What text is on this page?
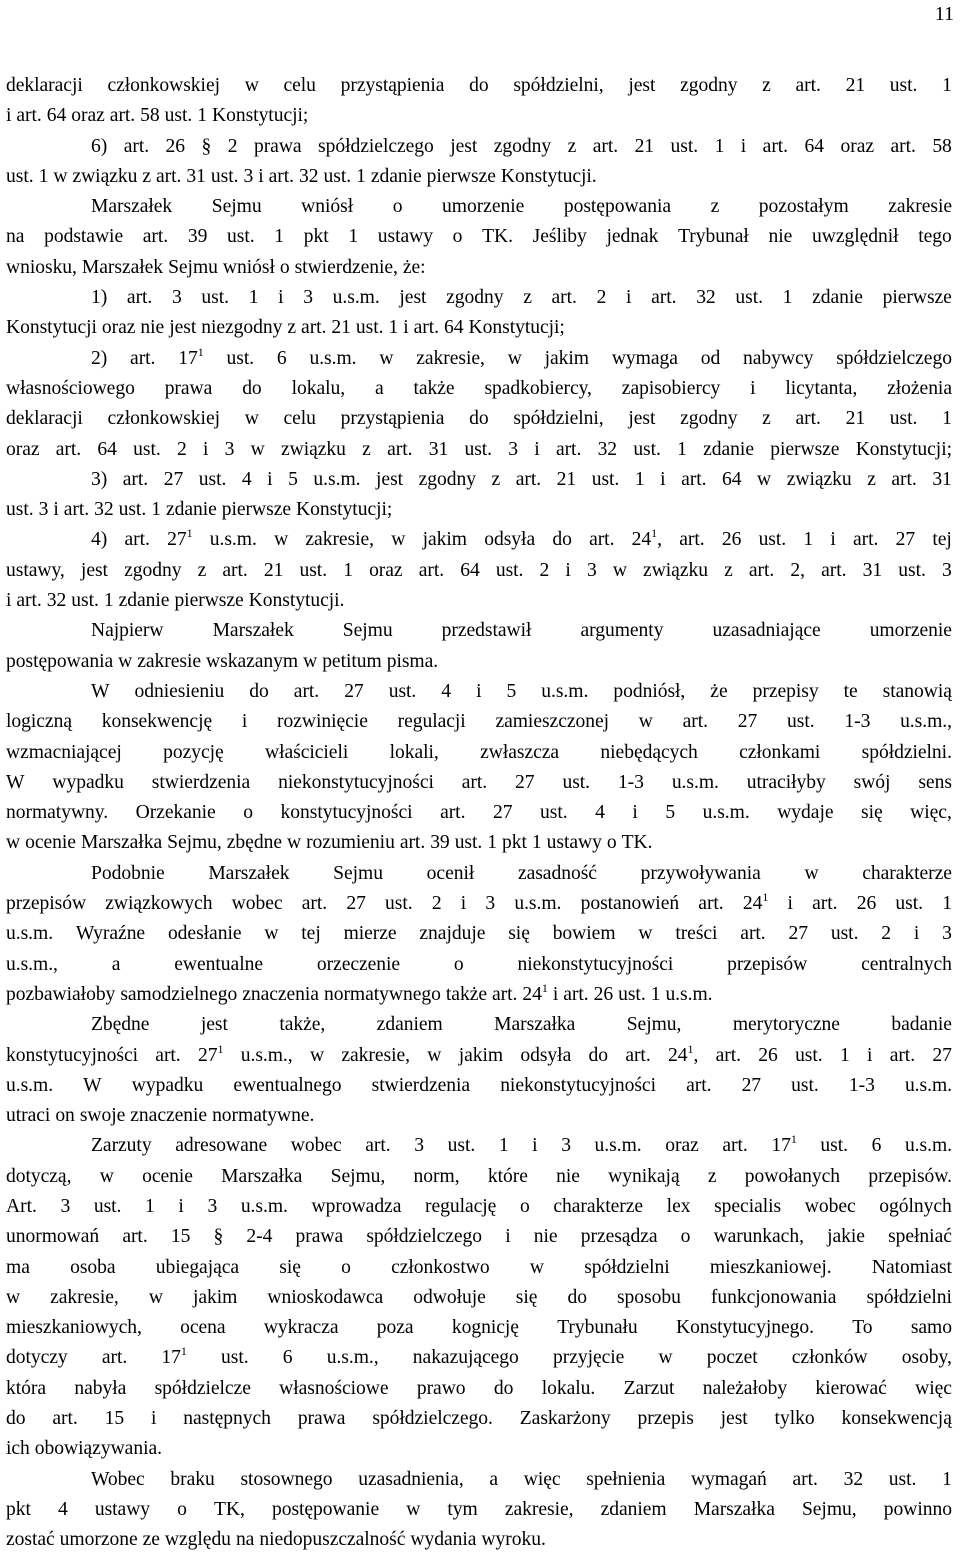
11
deklaracji członkowskiej w celu przystąpienia do spółdzielni, jest zgodny z art. 21 ust. 1
i art. 64 oraz art. 58 ust. 1 Konstytucji;
6) art. 26 § 2 prawa spółdzielczego jest zgodny z art. 21 ust. 1 i art. 64 oraz art. 58
ust. 1 w związku z art. 31 ust. 3 i art. 32 ust. 1 zdanie pierwsze Konstytucji.
Marszałek Sejmu wniósł o umorzenie postępowania z pozostałym zakresie
na podstawie art. 39 ust. 1 pkt 1 ustawy o TK. Jeśliby jednak Trybunał nie uwzględnił tego
wniosku, Marszałek Sejmu wniósł o stwierdzenie, że:
1) art. 3 ust. 1 i 3 u.s.m. jest zgodny z art. 2 i art. 32 ust. 1 zdanie pierwsze
Konstytucji oraz nie jest niezgodny z art. 21 ust. 1 i art. 64 Konstytucji;
2) art. $17^1$ ust. 6 u.s.m. w zakresie, w jakim wymaga od nabywcy spółdzielczego
własnościowego prawa do lokalu, a także spadkobiercy, zapisobiercy i licytanta, złożenia
deklaracji członkowskiej w celu przystąpienia do spółdzielni, jest zgodny z art. 21 ust. 1
oraz art. 64 ust. 2 i 3 w związku z art. 31 ust. 3 i art. 32 ust. 1 zdanie pierwsze Konstytucji;
3) art. 27 ust. 4 i 5 u.s.m. jest zgodny z art. 21 ust. 1 i art. 64 w związku z art. 31
ust. 3 i art. 32 ust. 1 zdanie pierwsze Konstytucji;
4) art. $27^1$ u.s.m. w zakresie, w jakim odsyła do art. $24^1$, art. 26 ust. 1 i art. 27 tej
ustawy, jest zgodny z art. 21 ust. 1 oraz art. 64 ust. 2 i 3 w związku z art. 2, art. 31 ust. 3
i art. 32 ust. 1 zdanie pierwsze Konstytucji.
Najpierw	Marszałek	Sejmu	przedstawił	argumenty	uzasadniające	umorzenie
postępowania w zakresie wskazanym w petitum pisma.
W odniesieniu do art. 27 ust. 4 i 5 u.s.m. podniósł, że przepisy te stanowią
logiczną konsekwencję i rozwinięcie regulacji zamieszczonej w art. 27 ust. 1-3 u.s.m.,
wzmacniającej pozycję właścicieli lokali, zwłaszcza niebędących członkami spółdzielni.
W wypadku stwierdzenia niekonstytucyjności art. 27 ust. 1-3 u.s.m. utraciłyby swój sens
normatywny. Orzekanie o konstytucyjności art. 27 ust. 4 i 5 u.s.m. wydaje się więc,
w ocenie Marszałka Sejmu, zbędne w rozumieniu art. 39 ust. 1 pkt 1 ustawy o TK.
Podobnie Marszałek Sejmu ocenił zasadność przywoływania w charakterze
przepisów związkowych wobec art. 27 ust. 2 i 3 u.s.m. postanowień art. $24^1$ i art. 26 ust. 1
u.s.m. Wyraźne odesłanie w tej mierze znajduje się bowiem w treści art. 27 ust. 2 i 3
u.s.m.,	a	ewentualne	orzeczenie	o	niekonstytucyjności	przepisów	centralnych
pozbawiałoby samodzielnego znaczenia normatywnego także art. $24^1$ i art. 26 ust. 1 u.s.m.
Zbędne	jest	także,	zdaniem	Marszałka	Sejmu,	merytoryczne	badanie
konstytucyjności art. $27^1$ u.s.m., w zakresie, w jakim odsyła do art. $24^1$, art. 26 ust. 1 i art. 27
u.s.m. W wypadku ewentualnego stwierdzenia niekonstytucyjności art. 27 ust. 1-3 u.s.m.
utraci on swoje znaczenie normatywne.
Zarzuty adresowane wobec art. 3 ust. 1 i 3 u.s.m. oraz art. $17^1$ ust. 6 u.s.m.
dotyczą, w ocenie Marszałka Sejmu, norm, które nie wynikają z powołanych przepisów.
Art. 3 ust. 1 i 3 u.s.m. wprowadza regulację o charakterze lex specialis wobec ogólnych
unormowań art. 15 § 2-4 prawa spółdzielczego i nie przesądza o warunkach, jakie spełniać
ma osoba ubiegająca się o członkostwo w spółdzielni mieszkaniowej. Natomiast
w zakresie, w jakim wnioskodawca odwołuje się do sposobu funkcjonowania spółdzielni
mieszkaniowych, ocena wykracza poza kognicję Trybunału Konstytucyjnego. To samo
dotyczy art. $17^1$ ust. 6 u.s.m., nakazującego przyjęcie w poczet członków osoby,
która nabyła spółdzielcze własnościowe prawo do lokalu. Zarzut należałoby kierować więc
do art. 15 i następnych prawa spółdzielczego. Zaskarżony przepis jest tylko konsekwencją
ich obowiązywania.
Wobec braku stosownego uzasadnienia, a więc spełnienia wymagań art. 32 ust. 1
pkt 4 ustawy o TK, postępowanie w tym zakresie, zdaniem Marszałka Sejmu, powinno
zostać umorzone ze względu na niedopuszczalność wydania wyroku.
